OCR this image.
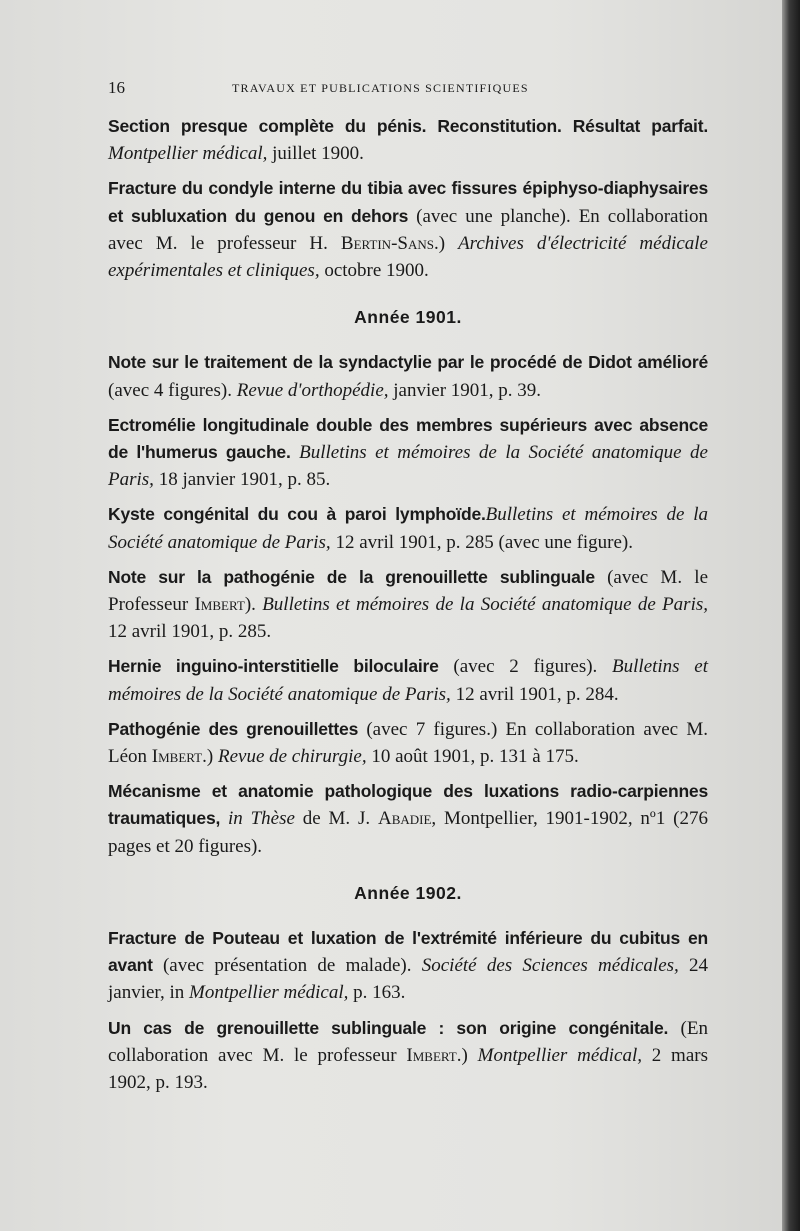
16	TRAVAUX ET PUBLICATIONS SCIENTIFIQUES

Section presque complète du pénis. Reconstitution. Résultat parfait. Montpellier médical, juillet 1900.

Fracture du condyle interne du tibia avec fissures épiphyso-diaphysaires et subluxation du genou en dehors (avec une planche). En collaboration avec M. le professeur H. Bertin-Sans.) Archives d'électricité médicale expérimentales et cliniques, octobre 1900.

Année 1901.

Note sur le traitement de la syndactylie par le procédé de Didot amélioré (avec 4 figures). Revue d'orthopédie, janvier 1901, p. 39.

Ectromélie longitudinale double des membres supérieurs avec absence de l'humerus gauche. Bulletins et mémoires de la Société anatomique de Paris, 18 janvier 1901, p. 85.

Kyste congénital du cou à paroi lymphoïde.Bulletins et mémoires de la Société anatomique de Paris, 12 avril 1901, p. 285 (avec une figure).

Note sur la pathogénie de la grenouillette sublinguale (avec M. le Professeur Imbert). Bulletins et mémoires de la Société anatomique de Paris, 12 avril 1901, p. 285.

Hernie inguino-interstitielle biloculaire (avec 2 figures). Bulletins et mémoires de la Société anatomique de Paris, 12 avril 1901, p. 284.

Pathogénie des grenouillettes (avec 7 figures.) En collaboration avec M. Léon Imbert.) Revue de chirurgie, 10 août 1901, p. 131 à 175.

Mécanisme et anatomie pathologique des luxations radio-carpiennes traumatiques, in Thèse de M. J. Abadie, Montpellier, 1901-1902, nº1 (276 pages et 20 figures).

Année 1902.

Fracture de Pouteau et luxation de l'extrémité inférieure du cubitus en avant (avec présentation de malade). Société des Sciences médicales, 24 janvier, in Montpellier médical, p. 163.

Un cas de grenouillette sublinguale : son origine congénitale. (En collaboration avec M. le professeur Imbert.) Montpellier médical, 2 mars 1902, p. 193.
